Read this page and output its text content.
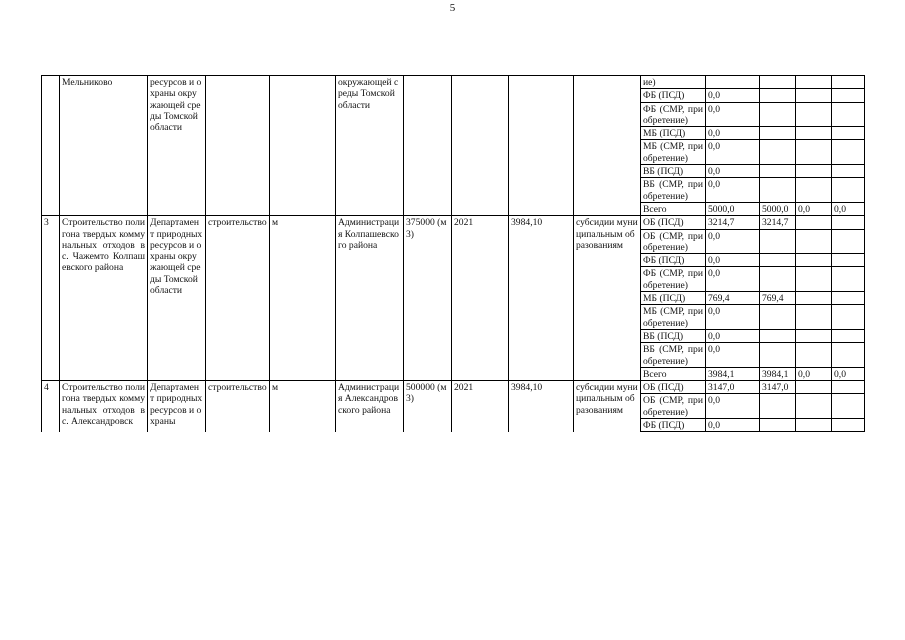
5
	Мельниково	ресурсов и охраны окружающей среды Томской области			окружающей среды Томской области					ие)				
										ФБ (ПСД)	0,0			
										ФБ (СМР, приобретение)	0,0			
										МБ (ПСД)	0,0			
										МБ (СМР, приобретение)	0,0			
										ВБ (ПСД)	0,0			
										ВБ (СМР, приобретение)	0,0			
										Всего	5000,0	5000,0	0,0	0,0
3	Строительство полигона твердых коммунальных отходов в с. Чажемто Колпашевского района	Департамент природных ресурсов и охраны окружающей среды Томской области	строительство	м	Администрация Колпашевского района	375000 (м3)	2021	3984,10	субсидии муниципальным образованиям	ОБ (ПСД)	3214,7	3214,7		
										ОБ (СМР, приобретение)	0,0			
										ФБ (ПСД)	0,0			
										ФБ (СМР, приобретение)	0,0			
										МБ (ПСД)	769,4	769,4		
										МБ (СМР, приобретение)	0,0			
										ВБ (ПСД)	0,0			
										ВБ (СМР, приобретение)	0,0			
										Всего	3984,1	3984,1	0,0	0,0
4	Строительство полигона твердых коммунальных отходов в с. Александровск	Департамент природных ресурсов и охраны	строительство	м	Администрация Александровского района	500000 (м3)	2021	3984,10	субсидии муниципальным образованиям	ОБ (ПСД)	3147,0	3147,0		
										ОБ (СМР, приобретение)	0,0			
										ФБ (ПСД)	0,0			
